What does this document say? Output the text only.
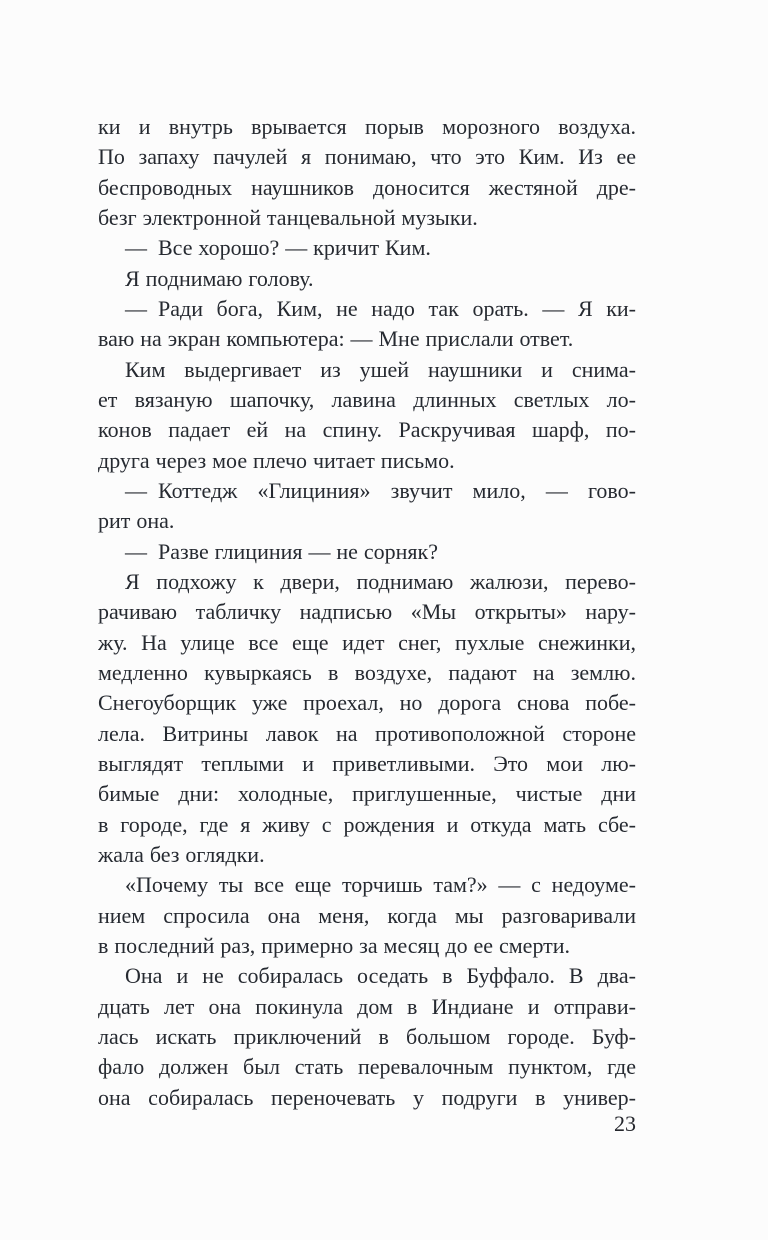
ки и внутрь врывается порыв морозного воздуха.
По запаху пачулей я понимаю, что это Ким. Из ее
беспроводных наушников доносится жестяной дре-
безг электронной танцевальной музыки.
— Все хорошо? — кричит Ким.
Я поднимаю голову.
— Ради бога, Ким, не надо так орать. — Я ки-
ваю на экран компьютера: — Мне прислали ответ.
Ким выдергивает из ушей наушники и снима-
ет вязаную шапочку, лавина длинных светлых ло-
конов падает ей на спину. Раскручивая шарф, по-
друга через мое плечо читает письмо.
— Коттедж «Глициния» звучит мило, — гово-
рит она.
— Разве глициния — не сорняк?
Я подхожу к двери, поднимаю жалюзи, перево-
рачиваю табличку надписью «Мы открыты» нару-
жу. На улице все еще идет снег, пухлые снежинки,
медленно кувыркаясь в воздухе, падают на землю.
Снегоуборщик уже проехал, но дорога снова побе-
лела. Витрины лавок на противоположной стороне
выглядят теплыми и приветливыми. Это мои лю-
бимые дни: холодные, приглушенные, чистые дни
в городе, где я живу с рождения и откуда мать сбе-
жала без оглядки.
«Почему ты все еще торчишь там?» — с недоуме-
нием спросила она меня, когда мы разговаривали
в последний раз, примерно за месяц до ее смерти.
Она и не собиралась оседать в Буффало. В два-
дцать лет она покинула дом в Индиане и отправи-
лась искать приключений в большом городе. Буф-
фало должен был стать перевалочным пунктом, где
она собиралась переночевать у подруги в универ-
23
